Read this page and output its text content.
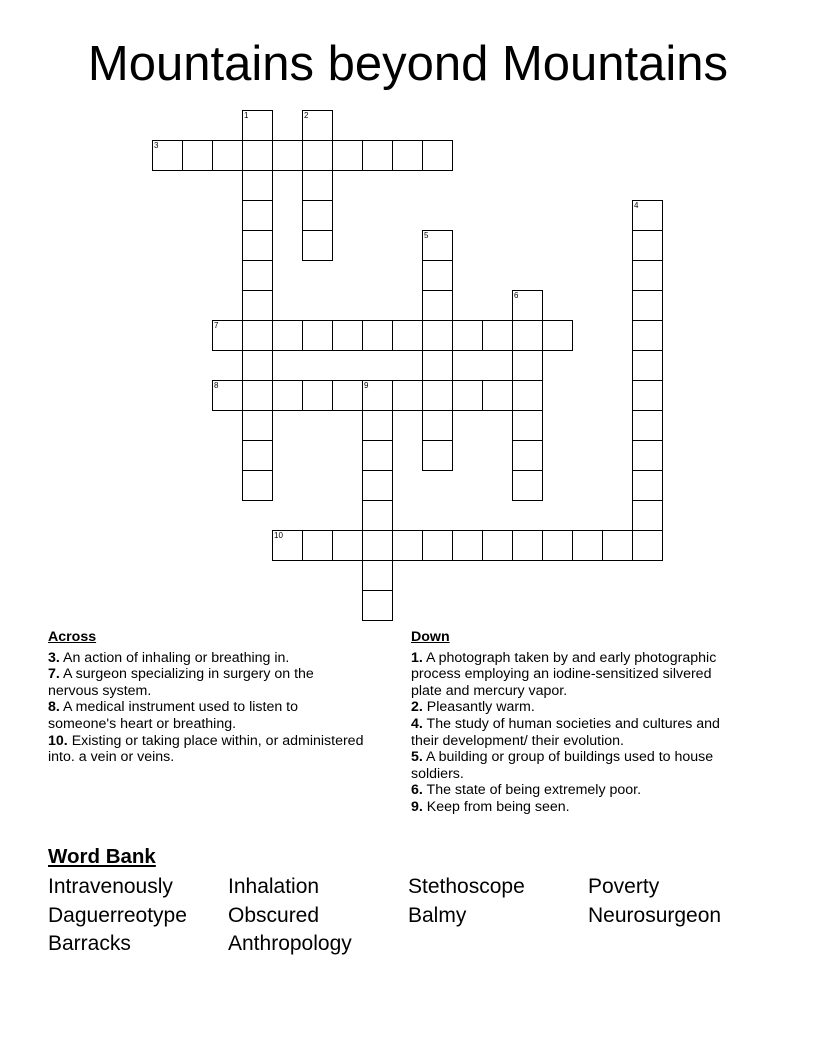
Mountains beyond Mountains
1	2
3
4
5
6
7
8	9
10
Across

3. An action of inhaling or breathing in.

7. A surgeon specializing in surgery on the nervous system.

8. A medical instrument used to listen to someone's heart or breathing.

10. Existing or taking place within, or administered into. a vein or veins.

Down

1. A photograph taken by and early photographic process employing an iodine-sensitized silvered plate and mercury vapor.

2. Pleasantly warm.

4. The study of human societies and cultures and their development/ their evolution.

5. A building or group of buildings used to house soldiers.

6. The state of being extremely poor.

9. Keep from being seen.

Word Bank
Intravenously	Inhalation	Stethoscope	Poverty
Daguerreotype	Obscured	Balmy	Neurosurgeon
Barracks	Anthropology
